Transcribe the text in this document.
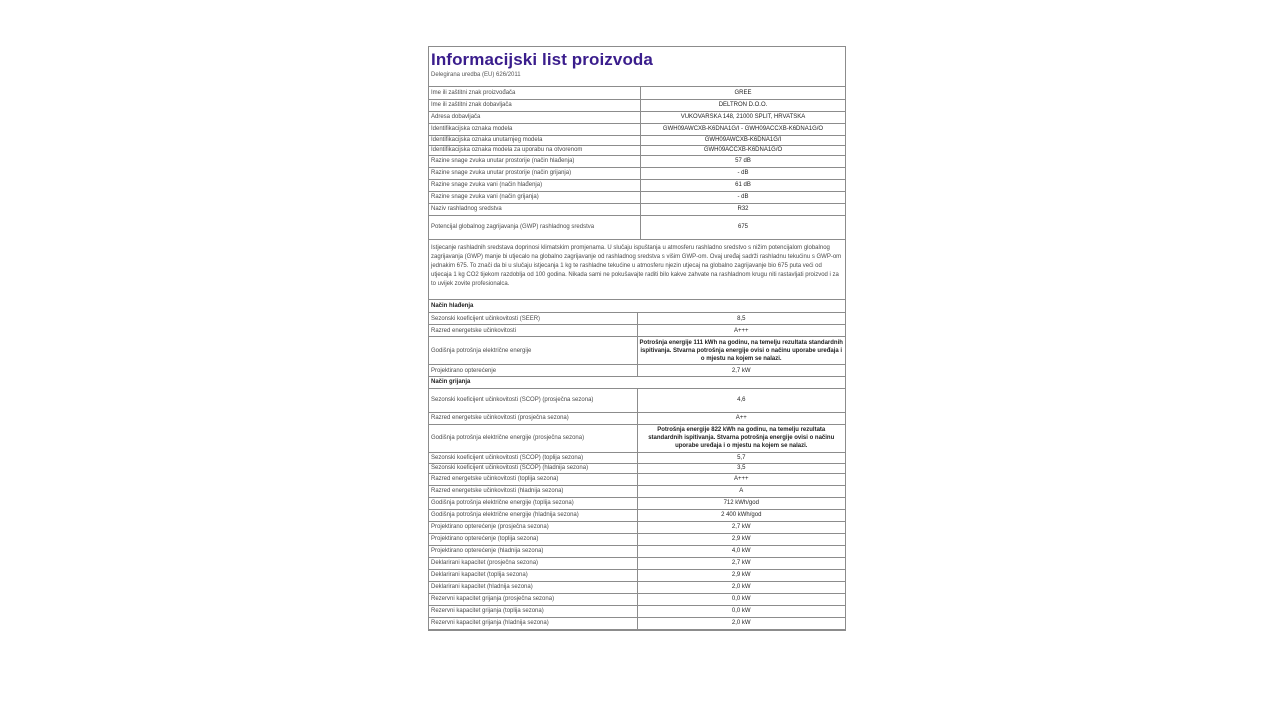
Informacijski list proizvoda
Delegirana uredba (EU) 626/2011
Ime ili zaštitni znak proizvođača	GREE
Ime ili zaštitni znak dobavljača	DELTRON D.O.O.
Adresa dobavljača	VUKOVARSKA 148, 21000 SPLIT, HRVATSKA
Identifikacijska oznaka modela	GWH09AWCXB-K6DNA1G/I - GWH09ACCXB-K6DNA1G/O
Identifikacijska oznaka unutarnjeg modela	GWH09AWCXB-K6DNA1G/I
Identifikacijska oznaka modela za uporabu na otvorenom	GWH09ACCXB-K6DNA1G/O
Razine snage zvuka unutar prostorije (način hlađenja)	57 dB
Razine snage zvuka unutar prostorije (način grijanja)	- dB
Razine snage zvuka vani (način hlađenja)	61 dB
Razine snage zvuka vani (način grijanja)	- dB
Naziv rashladnog sredstva	R32
Potencijal globalnog zagrijavanja (GWP) rashladnog sredstva	675
Istjecanje rashladnih sredstava doprinosi klimatskim promjenama. U slučaju ispuštanja u atmosferu rashladno sredstvo s nižim potencijalom globalnog zagrijavanja (GWP) manje bi utjecalo na globalno zagrijavanje od rashladnog sredstva s višim GWP-om. Ovaj uređaj sadrži rashladnu tekućinu s GWP-om jednakim 675. To znači da bi u slučaju istjecanja 1 kg te rashladne tekućine u atmosferu njezin utjecaj na globalno zagrijavanje bio 675 puta veći od utjecaja 1 kg CO2 tijekom razdoblja od 100 godina. Nikada sami ne pokušavajte raditi bilo kakve zahvate na rashladnom krugu niti rastavljati proizvod i za to uvijek zovite profesionalca.
Način hlađenja	
Sezonski koeficijent učinkovitosti (SEER)	8,5
Razred energetske učinkovitosti	A+++
Godišnja potrošnja električne energije	Potrošnja energije 111 kWh na godinu, na temelju rezultata standardnih ispitivanja. Stvarna potrošnja energije ovisi o načinu uporabe uređaja i o mjestu na kojem se nalazi.
Projektirano opterećenje	2,7 kW
Način grijanja	
Sezonski koeficijent učinkovitosti (SCOP) (prosječna sezona)	4,6
Razred energetske učinkovitosti (prosječna sezona)	A++
Godišnja potrošnja električne energije (prosječna sezona)	Potrošnja energije 822 kWh na godinu, na temelju rezultata standardnih ispitivanja. Stvarna potrošnja energije ovisi o načinu uporabe uređaja i o mjestu na kojem se nalazi.
Sezonski koeficijent učinkovitosti (SCOP) (toplija sezona)	5,7
Sezonski koeficijent učinkovitosti (SCOP) (hladnija sezona)	3,5
Razred energetske učinkovitosti (toplija sezona)	A+++
Razred energetske učinkovitosti (hladnija sezona)	A
Godišnja potrošnja električne energije (toplija sezona)	712 kWh/god
Godišnja potrošnja električne energije (hladnija sezona)	2 400 kWh/god
Projektirano opterećenje (prosječna sezona)	2,7 kW
Projektirano opterećenje (toplija sezona)	2,9 kW
Projektirano opterećenje (hladnija sezona)	4,0 kW
Deklarirani kapacitet (prosječna sezona)	2,7 kW
Deklarirani kapacitet (toplija sezona)	2,9 kW
Deklarirani kapacitet (hladnija sezona)	2,0 kW
Rezervni kapacitet grijanja (prosječna sezona)	0,0 kW
Rezervni kapacitet grijanja (toplija sezona)	0,0 kW
Rezervni kapacitet grijanja (hladnija sezona)	2,0 kW
